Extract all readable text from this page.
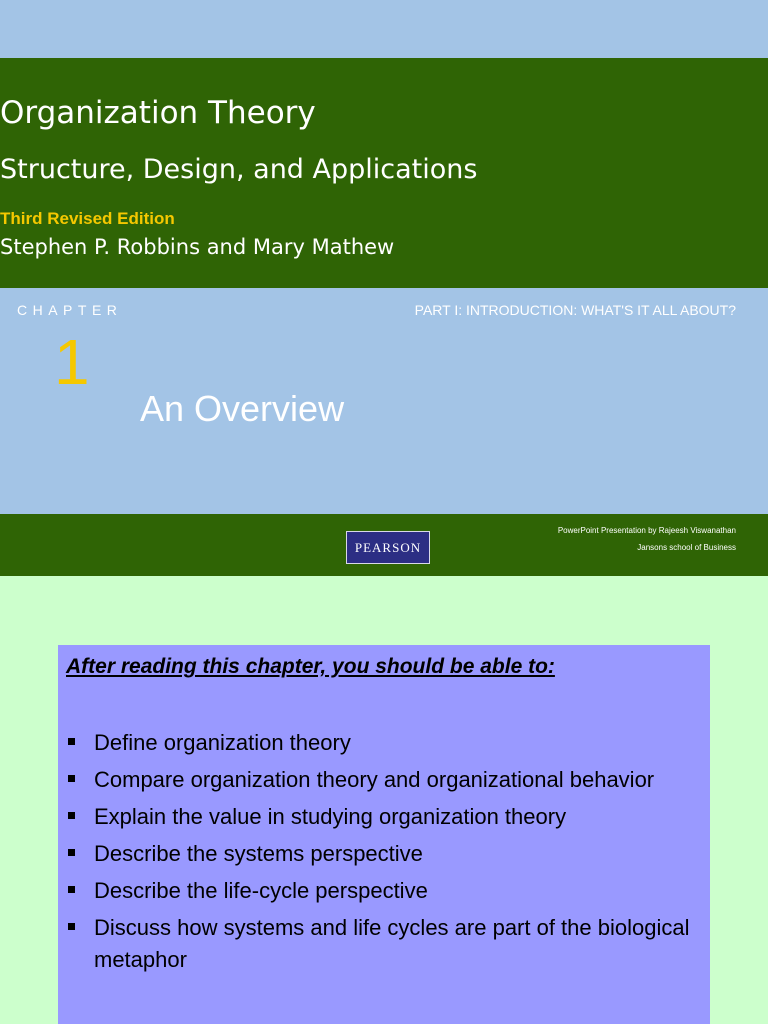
Organization Theory
Structure, Design, and Applications
Third Revised Edition
Stephen P. Robbins and Mary Mathew
CHAPTER	PART I: INTRODUCTION: WHAT'S IT ALL ABOUT?
1
An Overview
PEARSON
PowerPoint Presentation by Rajeesh Viswanathan
Jansons school of Business
After reading this chapter, you should be able to:
Define organization theory
Compare organization theory and organizational behavior
Explain the value in studying organization theory
Describe the systems perspective
Describe the life-cycle perspective
Discuss how systems and life cycles are part of the biological metaphor
